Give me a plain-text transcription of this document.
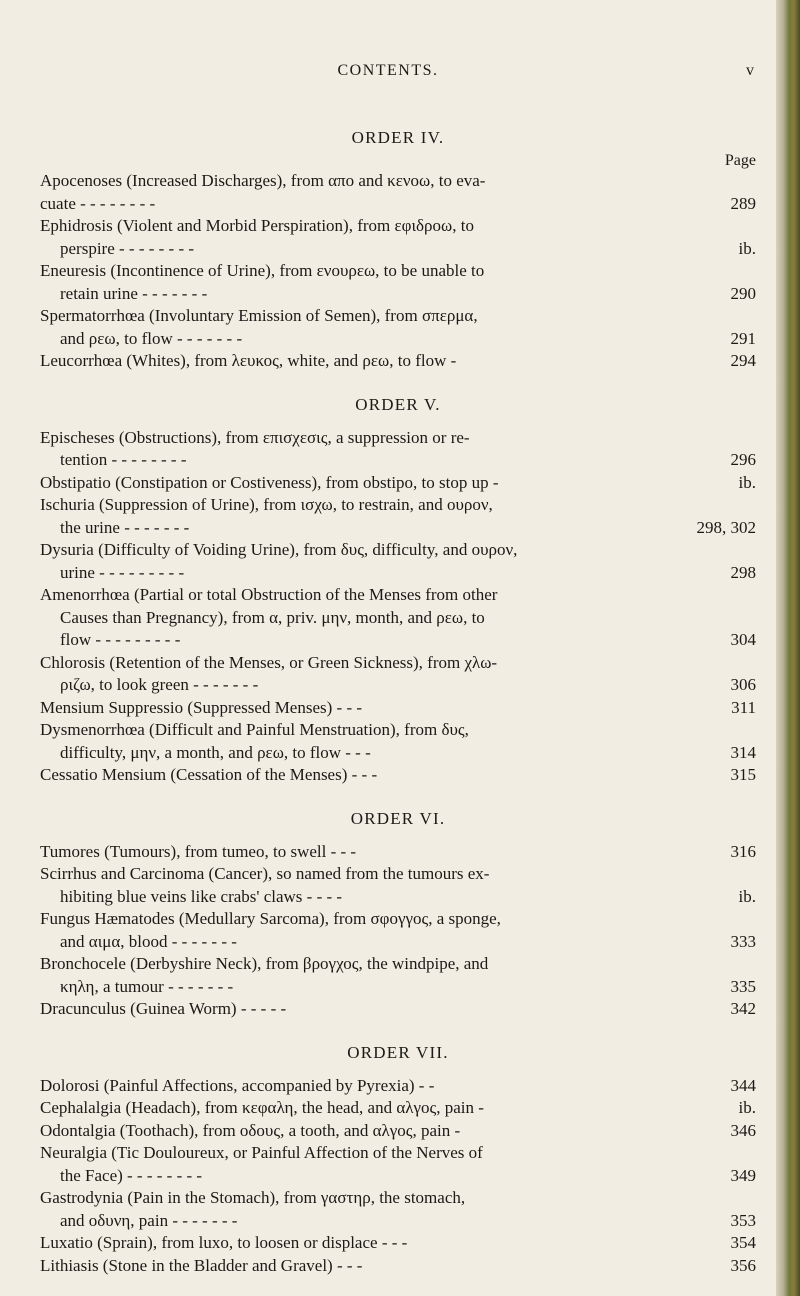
CONTENTS.	v
ORDER IV.
Page
Apocenoses (Increased Discharges), from απο and κενοω, to eva-
cuate - - - - - - - -	289
Ephidrosis (Violent and Morbid Perspiration), from εφιδροω, to
perspire - - - - - - - -	ib.
Eneuresis (Incontinence of Urine), from ενουρεω, to be unable to
retain urine - - - - - - -	290
Spermatorrhœa (Involuntary Emission of Semen), from σπερμα,
and ρεω, to flow - - - - - - -	291
Leucorrhœa (Whites), from λευκος, white, and ρεω, to flow -	294
ORDER V.
Epischeses (Obstructions), from επισχεσις, a suppression or re-
tention - - - - - - - -	296
Obstipatio (Constipation or Costiveness), from obstipo, to stop up -	ib.
Ischuria (Suppression of Urine), from ισχω, to restrain, and ουρον,
the urine - - - - - - -	298, 302
Dysuria (Difficulty of Voiding Urine), from δυς, difficulty, and ουρον,
urine - - - - - - - - -	298
Amenorrhœa (Partial or total Obstruction of the Menses from other
Causes than Pregnancy), from α, priv. μην, month, and ρεω, to
flow - - - - - - - - -	304
Chlorosis (Retention of the Menses, or Green Sickness), from χλω-
ριζω, to look green - - - - - - -	306
Mensium Suppressio (Suppressed Menses) - - -	311
Dysmenorrhœa (Difficult and Painful Menstruation), from δυς,
difficulty, μην, a month, and ρεω, to flow - - -	314
Cessatio Mensium (Cessation of the Menses) - - -	315
ORDER VI.
Tumores (Tumours), from tumeo, to swell - - -	316
Scirrhus and Carcinoma (Cancer), so named from the tumours ex-
hibiting blue veins like crabs' claws - - - -	ib.
Fungus Hæmatodes (Medullary Sarcoma), from σφογγος, a sponge,
and αιμα, blood - - - - - - -	333
Bronchocele (Derbyshire Neck), from βρογχος, the windpipe, and
κηλη, a tumour - - - - - - -	335
Dracunculus (Guinea Worm) - - - - -	342
ORDER VII.
Dolorosi (Painful Affections, accompanied by Pyrexia) - -	344
Cephalalgia (Headach), from κεφαλη, the head, and αλγος, pain -	ib.
Odontalgia (Toothach), from οδους, a tooth, and αλγος, pain -	346
Neuralgia (Tic Douloureux, or Painful Affection of the Nerves of
the Face) - - - - - - - -	349
Gastrodynia (Pain in the Stomach), from γαστηρ, the stomach,
and οδυνη, pain - - - - - - -	353
Luxatio (Sprain), from luxo, to loosen or displace - - -	354
Lithiasis (Stone in the Bladder and Gravel) - - -	356
